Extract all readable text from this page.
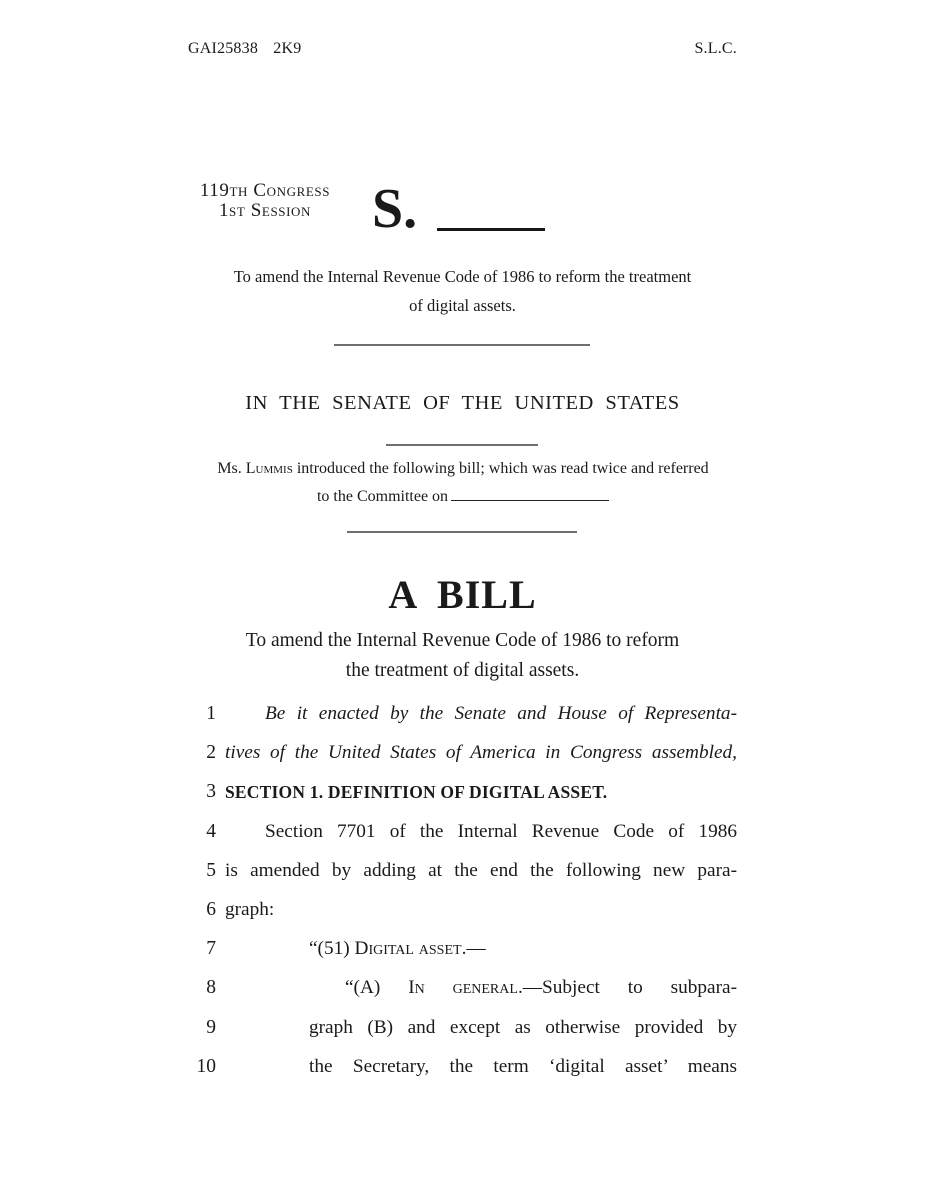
GAI25838 2K9	S.L.C.
119th Congress
1st Session	S.
To amend the Internal Revenue Code of 1986 to reform the treatment
of digital assets.
IN THE SENATE OF THE UNITED STATES
Ms. Lummis introduced the following bill; which was read twice and referred
to the Committee on
A BILL
To amend the Internal Revenue Code of 1986 to reform
the treatment of digital assets.
1	Be it enacted by the Senate and House of Representa-
2 tives of the United States of America in Congress assembled,
3 SECTION 1. DEFINITION OF DIGITAL ASSET.
4	Section 7701 of the Internal Revenue Code of 1986
5 is amended by adding at the end the following new para-
6 graph:
7	“(51) Digital asset.—
8	“(A) In general.—Subject to subpara-
9	graph (B) and except as otherwise provided by
10	the Secretary, the term ‘digital asset’ means
